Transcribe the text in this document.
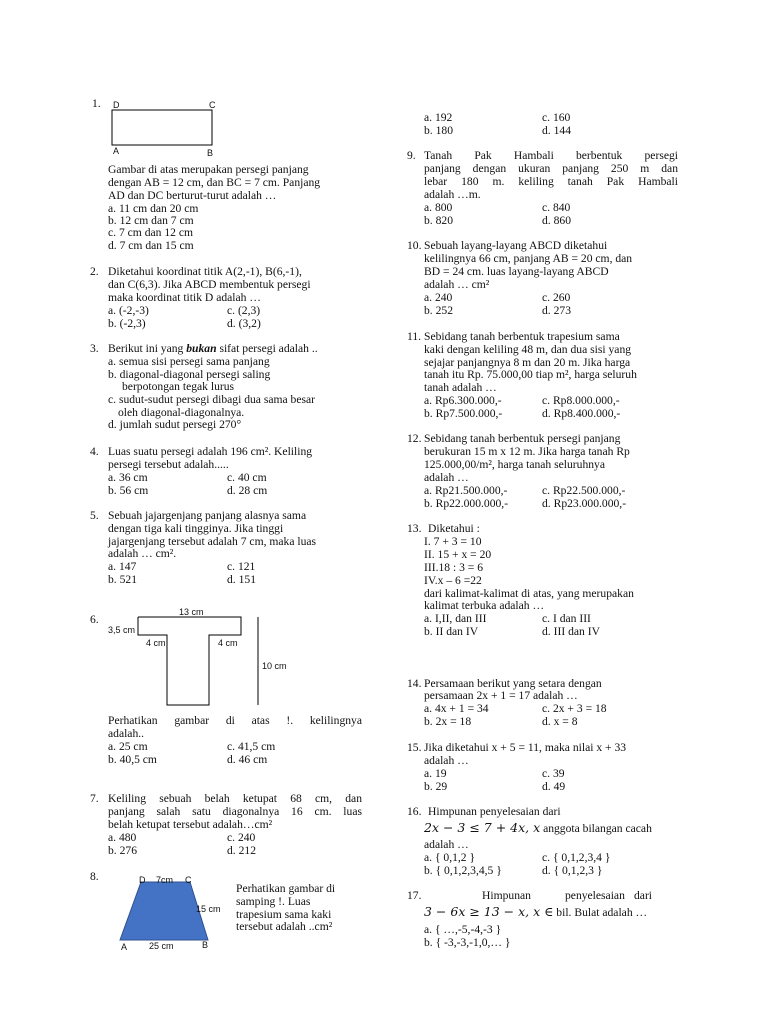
1. D	C
A	B
Gambar di atas merupakan persegi panjang
dengan AB = 12 cm, dan BC = 7 cm. Panjang
AD dan DC berturut-turut adalah …
a. 11 cm dan 20 cm
b. 12 cm dan 7 cm
c. 7 cm dan 12 cm
d. 7 cm dan 15 cm
2. Diketahui koordinat titik A(2,-1), B(6,-1),
dan C(6,3). Jika ABCD membentuk persegi
maka koordinat titik D adalah …
a. (-2,-3)	c. (2,3)
b. (-2,3)	d. (3,2)
3. Berikut ini yang bukan sifat persegi adalah ..
a. semua sisi persegi sama panjang
b. diagonal-diagonal persegi saling
berpotongan tegak lurus
c. sudut-sudut persegi dibagi dua sama besar
oleh diagonal-diagonalnya.
d. jumlah sudut persegi 270°
4. Luas suatu persegi adalah 196 cm². Keliling
persegi tersebut adalah.....
a. 36 cm	c. 40 cm
b. 56 cm	d. 28 cm
5. Sebuah jajargenjang panjang alasnya sama
dengan tiga kali tingginya. Jika tinggi
jajargenjang tersebut adalah 7 cm, maka luas
adalah … cm².
a. 147	c. 121
b. 521	d. 151
6.
13 cm
3,5 cm
4 cm	4 cm
10 cm
Perhatikan gambar di atas !. kelilingnya
adalah..
a. 25 cm	c. 41,5 cm
b. 40,5 cm	d. 46 cm
7. Keliling sebuah belah ketupat 68 cm, dan
panjang salah satu diagonalnya 16 cm. luas
belah ketupat tersebut adalah…cm²
a. 480	c. 240
b. 276	d. 212
8.	D 7cm C
15 cm
A 25 cm	B
Perhatikan gambar di
samping !. Luas
trapesium sama kaki
tersebut adalah ..cm²
a. 192	c. 160
b. 180	d. 144
9. Tanah Pak Hambali berbentuk persegi
panjang dengan ukuran panjang 250 m dan
lebar 180 m. keliling tanah Pak Hambali
adalah …m.
a. 800	c. 840
b. 820	d. 860
10. Sebuah layang-layang ABCD diketahui
kelilingnya 66 cm, panjang AB = 20 cm, dan
BD = 24 cm. luas layang-layang ABCD
adalah … cm²
a. 240	c. 260
b. 252	d. 273
11. Sebidang tanah berbentuk trapesium sama
kaki dengan keliling 48 m, dan dua sisi yang
sejajar panjangnya 8 m dan 20 m. Jika harga
tanah itu Rp. 75.000,00 tiap m², harga seluruh
tanah adalah …
a. Rp6.300.000,-	c. Rp8.000.000,-
b. Rp7.500.000,-	d. Rp8.400.000,-
12. Sebidang tanah berbentuk persegi panjang
berukuran 15 m x 12 m. Jika harga tanah Rp
125.000,00/m², harga tanah seluruhnya
adalah …
a. Rp21.500.000,-	c. Rp22.500.000,-
b. Rp22.000.000,-	d. Rp23.000.000,-
13. Diketahui :
I. 7 + 3 = 10
II. 15 + x = 20
III.18 : 3 = 6
IV.x – 6 =22
dari kalimat-kalimat di atas, yang merupakan
kalimat terbuka adalah …
a. I,II, dan III	c. I dan III
b. II dan IV	d. III dan IV
14. Persamaan berikut yang setara dengan
persamaan 2x + 1 = 17 adalah …
a. 4x + 1 = 34	c. 2x + 3 = 18
b. 2x = 18	d. x = 8
15. Jika diketahui x + 5 = 11, maka nilai x + 33
adalah …
a. 19	c. 39
b. 29	d. 49
16. Himpunan penyelesaian dari
2x − 3 ≤ 7 + 4x, x anggota bilangan cacah
adalah …
a. { 0,1,2 }	c. { 0,1,2,3,4 }
b. { 0,1,2,3,4,5 }	d. { 0,1,2,3 }
17.	Himpunan	penyelesaian dari
3 − 6x ≥ 13 − x, x ∈ bil. Bulat adalah …
a. { …,-5,-4,-3 }
b. { -3,-3,-1,0,… }
